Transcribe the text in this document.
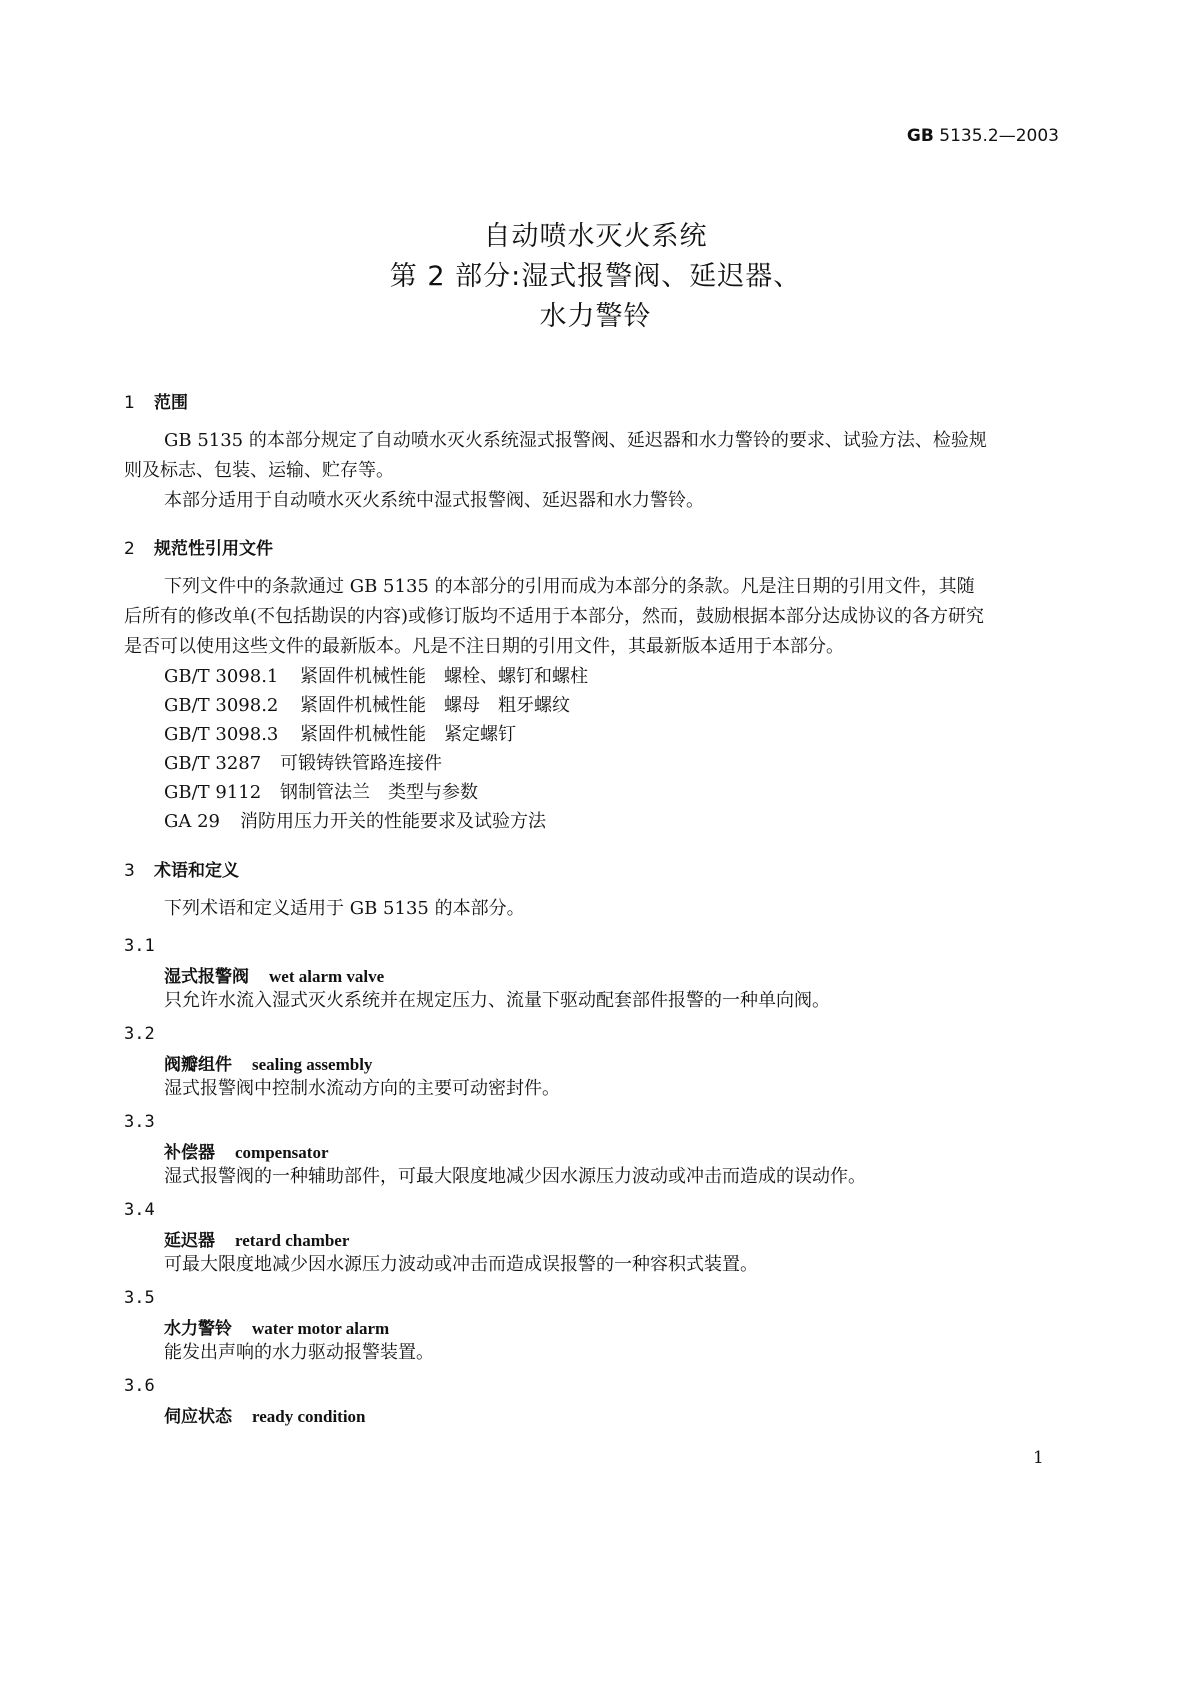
GB 5135.2—2003
自动喷水灭火系统
第 2 部分:湿式报警阀、延迟器、
水力警铃
1 范围
GB 5135 的本部分规定了自动喷水灭火系统湿式报警阀、延迟器和水力警铃的要求、试验方法、检验规则及标志、包装、运输、贮存等。
本部分适用于自动喷水灭火系统中湿式报警阀、延迟器和水力警铃。
2 规范性引用文件
下列文件中的条款通过 GB 5135 的本部分的引用而成为本部分的条款。凡是注日期的引用文件，其随后所有的修改单(不包括勘误的内容)或修订版均不适用于本部分，然而，鼓励根据本部分达成协议的各方研究是否可以使用这些文件的最新版本。凡是不注日期的引用文件，其最新版本适用于本部分。
GB/T 3098.1 紧固件机械性能　螺栓、螺钉和螺柱
GB/T 3098.2 紧固件机械性能　螺母　粗牙螺纹
GB/T 3098.3 紧固件机械性能　紧定螺钉
GB/T 3287 可锻铸铁管路连接件
GB/T 9112 钢制管法兰　类型与参数
GA 29 消防用压力开关的性能要求及试验方法
3 术语和定义
下列术语和定义适用于 GB 5135 的本部分。
3.1
湿式报警阀 wet alarm valve
只允许水流入湿式灭火系统并在规定压力、流量下驱动配套部件报警的一种单向阀。
3.2
阀瓣组件 sealing assembly
湿式报警阀中控制水流动方向的主要可动密封件。
3.3
补偿器 compensator
湿式报警阀的一种辅助部件，可最大限度地减少因水源压力波动或冲击而造成的误动作。
3.4
延迟器 retard chamber
可最大限度地减少因水源压力波动或冲击而造成误报警的一种容积式装置。
3.5
水力警铃 water motor alarm
能发出声响的水力驱动报警装置。
3.6
伺应状态 ready condition
1
